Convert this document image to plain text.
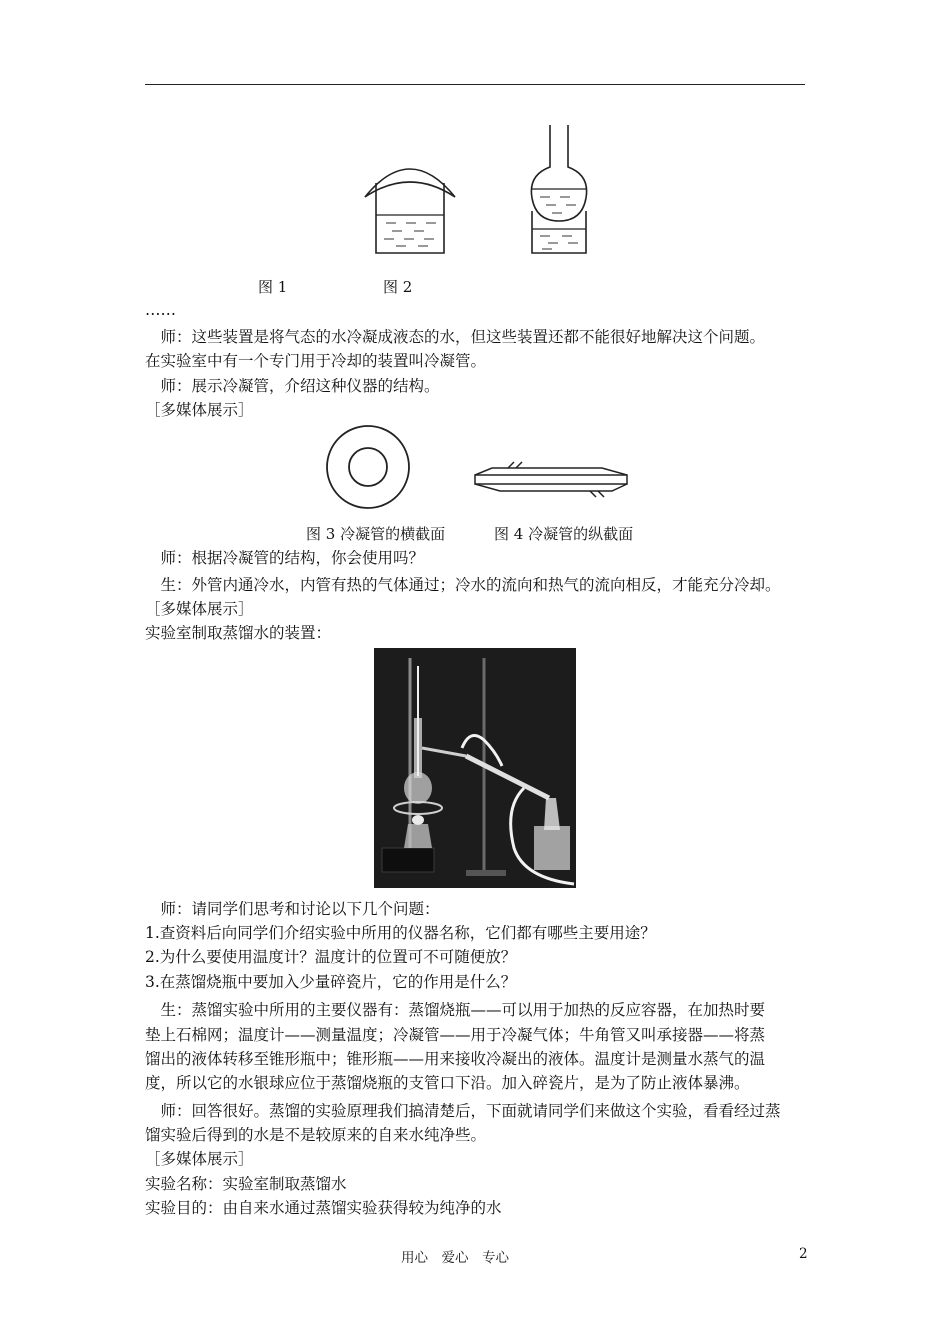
图 1	图 2
……
　师：这些装置是将气态的水冷凝成液态的水，但这些装置还都不能很好地解决这个问题。
在实验室中有一个专门用于冷却的装置叫冷凝管。
　师：展示冷凝管，介绍这种仪器的结构。
［多媒体展示］
图 3 冷凝管的横截面	图 4 冷凝管的纵截面
　师：根据冷凝管的结构，你会使用吗？
　生：外管内通冷水，内管有热的气体通过；冷水的流向和热气的流向相反，才能充分冷却。
［多媒体展示］
实验室制取蒸馏水的装置：
　师：请同学们思考和讨论以下几个问题：
1.查资料后向同学们介绍实验中所用的仪器名称，它们都有哪些主要用途？
2.为什么要使用温度计？温度计的位置可不可随便放？
3.在蒸馏烧瓶中要加入少量碎瓷片，它的作用是什么？
　生：蒸馏实验中所用的主要仪器有：蒸馏烧瓶——可以用于加热的反应容器，在加热时要
垫上石棉网；温度计——测量温度；冷凝管——用于冷凝气体；牛角管又叫承接器——将蒸
馏出的液体转移至锥形瓶中；锥形瓶——用来接收冷凝出的液体。温度计是测量水蒸气的温
度，所以它的水银球应位于蒸馏烧瓶的支管口下沿。加入碎瓷片，是为了防止液体暴沸。
　师：回答很好。蒸馏的实验原理我们搞清楚后，下面就请同学们来做这个实验，看看经过蒸
馏实验后得到的水是不是较原来的自来水纯净些。
［多媒体展示］
实验名称：实验室制取蒸馏水
实验目的：由自来水通过蒸馏实验获得较为纯净的水
用心　爱心　专心	2
